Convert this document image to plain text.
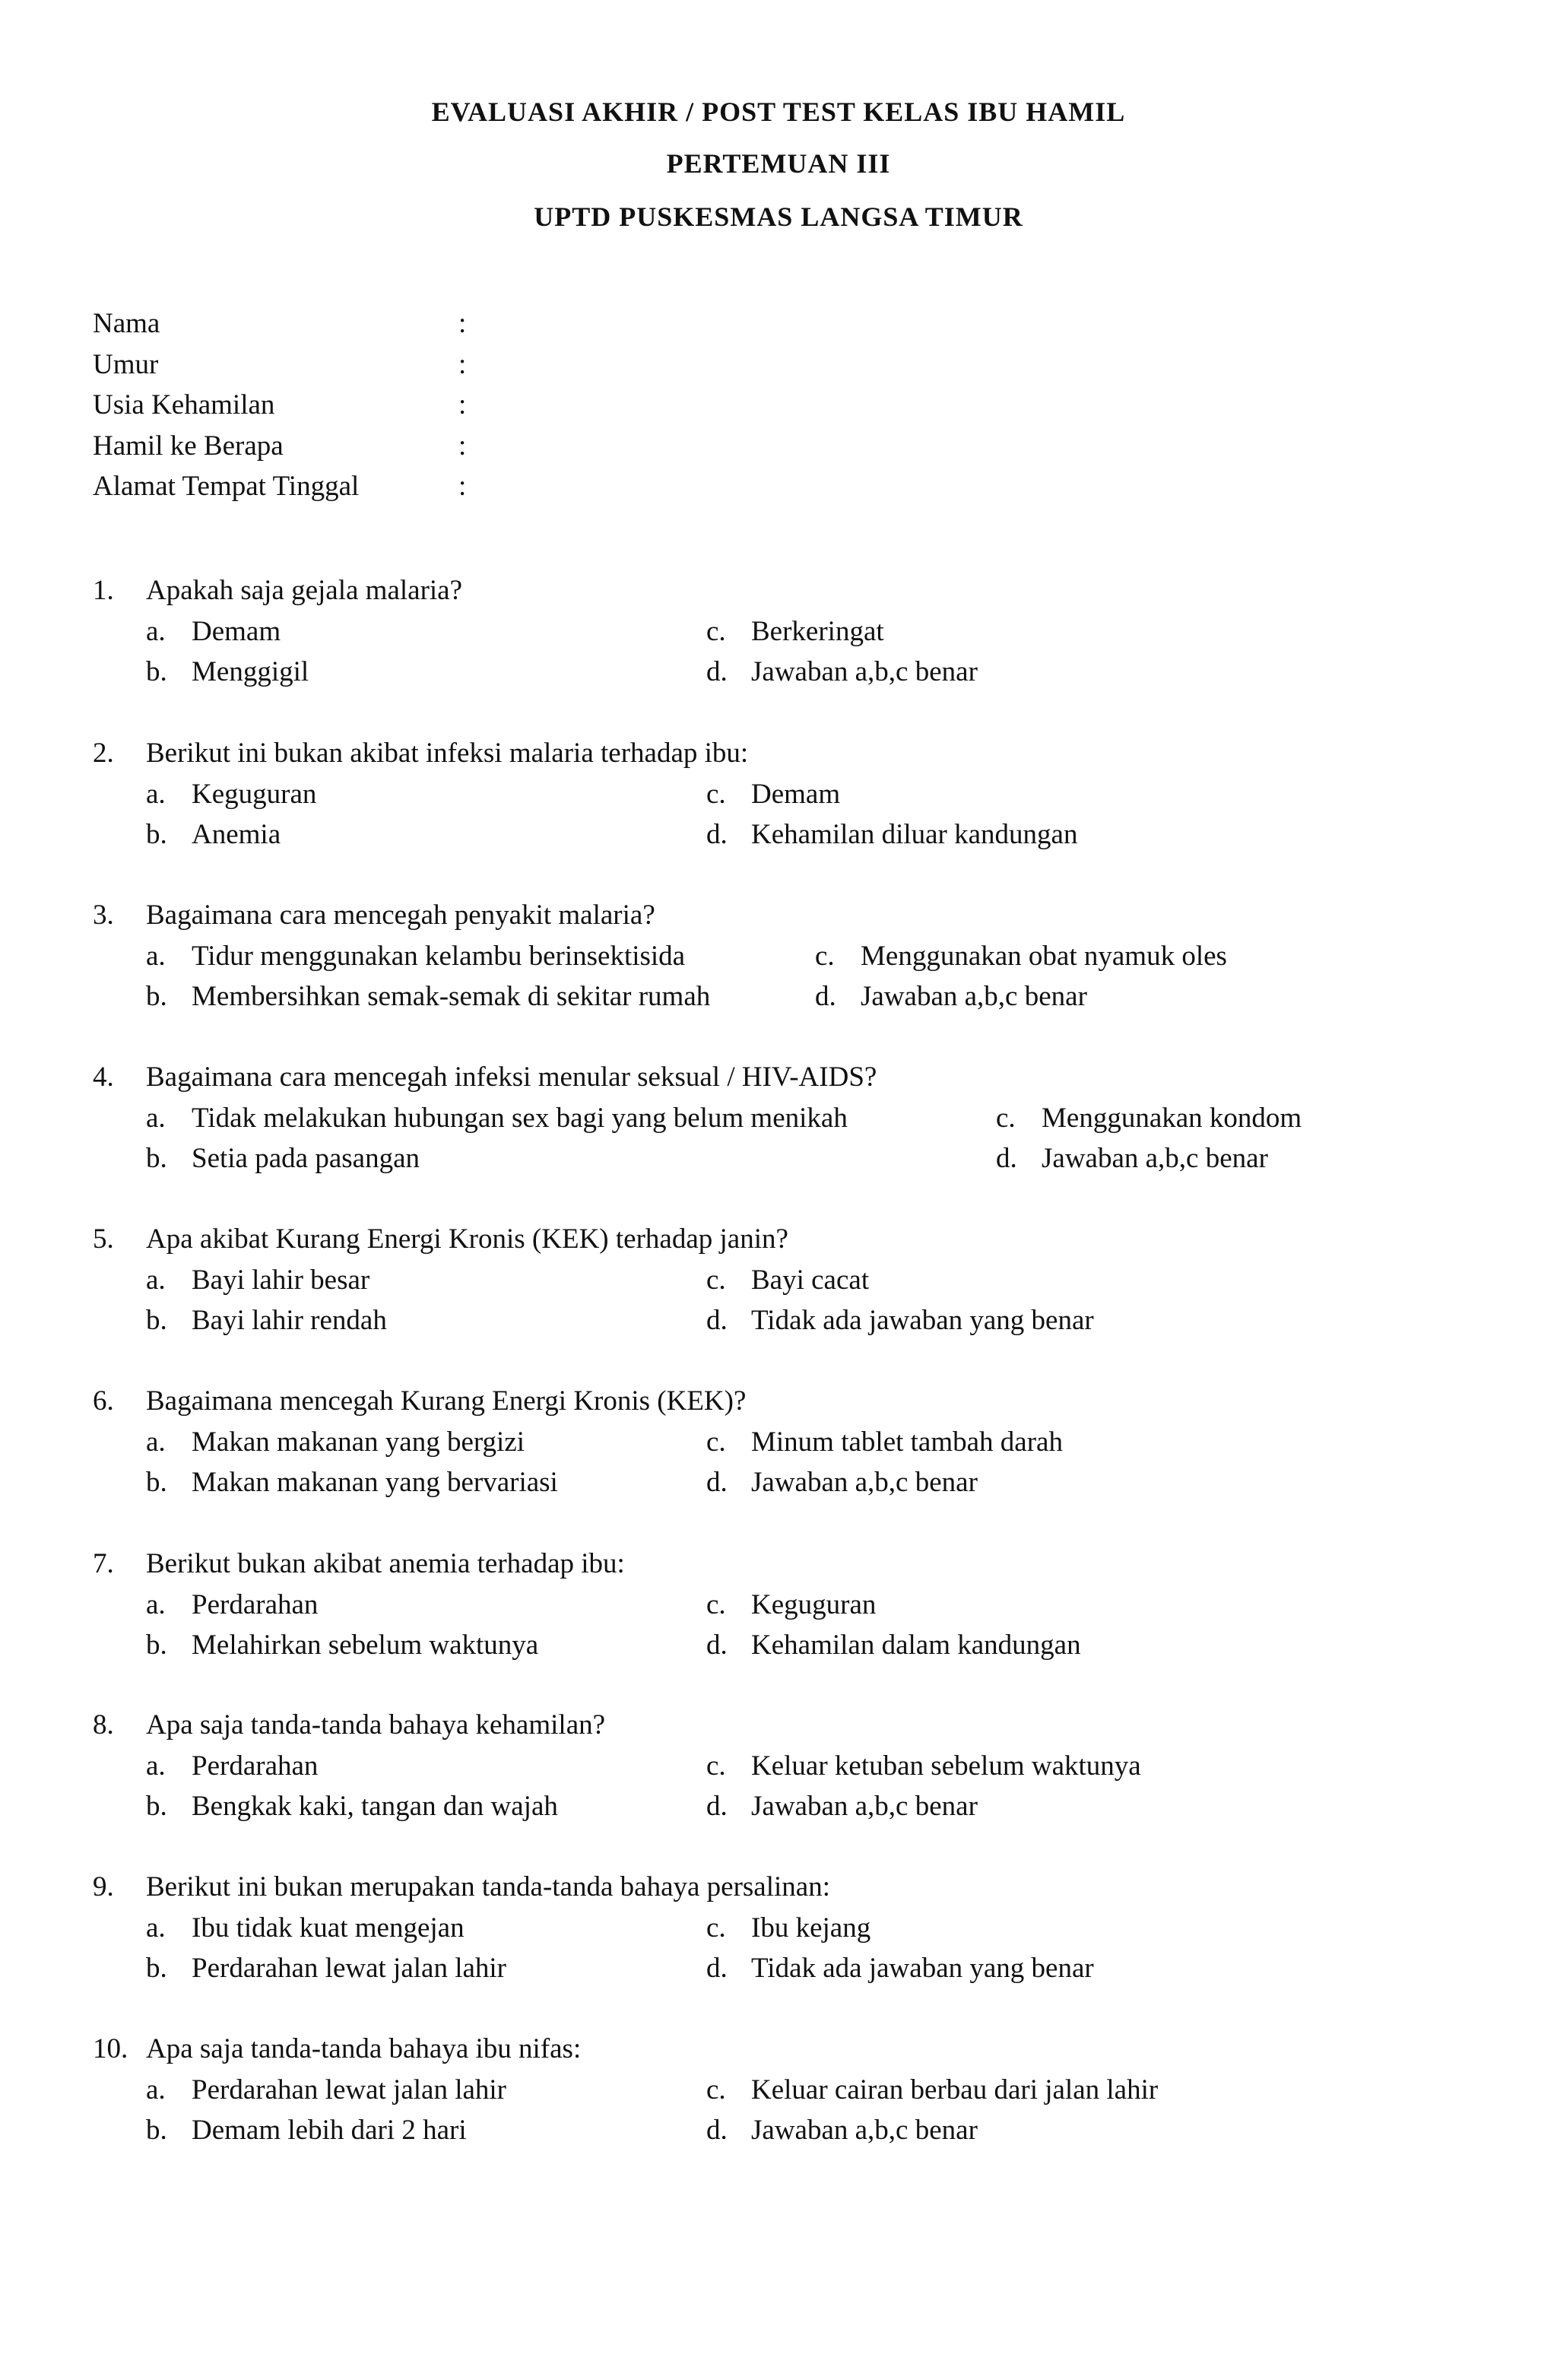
EVALUASI AKHIR / POST TEST KELAS IBU HAMIL
PERTEMUAN III
UPTD PUSKESMAS LANGSA TIMUR
Nama	:
Umur	:
Usia Kehamilan	:
Hamil ke Berapa	:
Alamat Tempat Tinggal	:
1. Apakah saja gejala malaria?
a. Demam
b. Menggigil
c. Berkeringat
d. Jawaban a,b,c benar
2. Berikut ini bukan akibat infeksi malaria terhadap ibu:
a. Keguguran
b. Anemia
c. Demam
d. Kehamilan diluar kandungan
3. Bagaimana cara mencegah penyakit malaria?
a. Tidur menggunakan kelambu berinsektisida
b. Membersihkan semak-semak di sekitar rumah
c. Menggunakan obat nyamuk oles
d. Jawaban a,b,c benar
4. Bagaimana cara mencegah infeksi menular seksual / HIV-AIDS?
a. Tidak melakukan hubungan sex bagi yang belum menikah
b. Setia pada pasangan
c. Menggunakan kondom
d. Jawaban a,b,c benar
5. Apa akibat Kurang Energi Kronis (KEK) terhadap janin?
a. Bayi lahir besar
b. Bayi lahir rendah
c. Bayi cacat
d. Tidak ada jawaban yang benar
6. Bagaimana mencegah Kurang Energi Kronis (KEK)?
a. Makan makanan yang bergizi
b. Makan makanan yang bervariasi
c. Minum tablet tambah darah
d. Jawaban a,b,c benar
7. Berikut bukan akibat anemia terhadap ibu:
a. Perdarahan
b. Melahirkan sebelum waktunya
c. Keguguran
d. Kehamilan dalam kandungan
8. Apa saja tanda-tanda bahaya kehamilan?
a. Perdarahan
b. Bengkak kaki, tangan dan wajah
c. Keluar ketuban sebelum waktunya
d. Jawaban a,b,c benar
9. Berikut ini bukan merupakan tanda-tanda bahaya persalinan:
a. Ibu tidak kuat mengejan
b. Perdarahan lewat jalan lahir
c. Ibu kejang
d. Tidak ada jawaban yang benar
10. Apa saja tanda-tanda bahaya ibu nifas:
a. Perdarahan lewat jalan lahir
b. Demam lebih dari 2 hari
c. Keluar cairan berbau dari jalan lahir
d. Jawaban a,b,c benar
